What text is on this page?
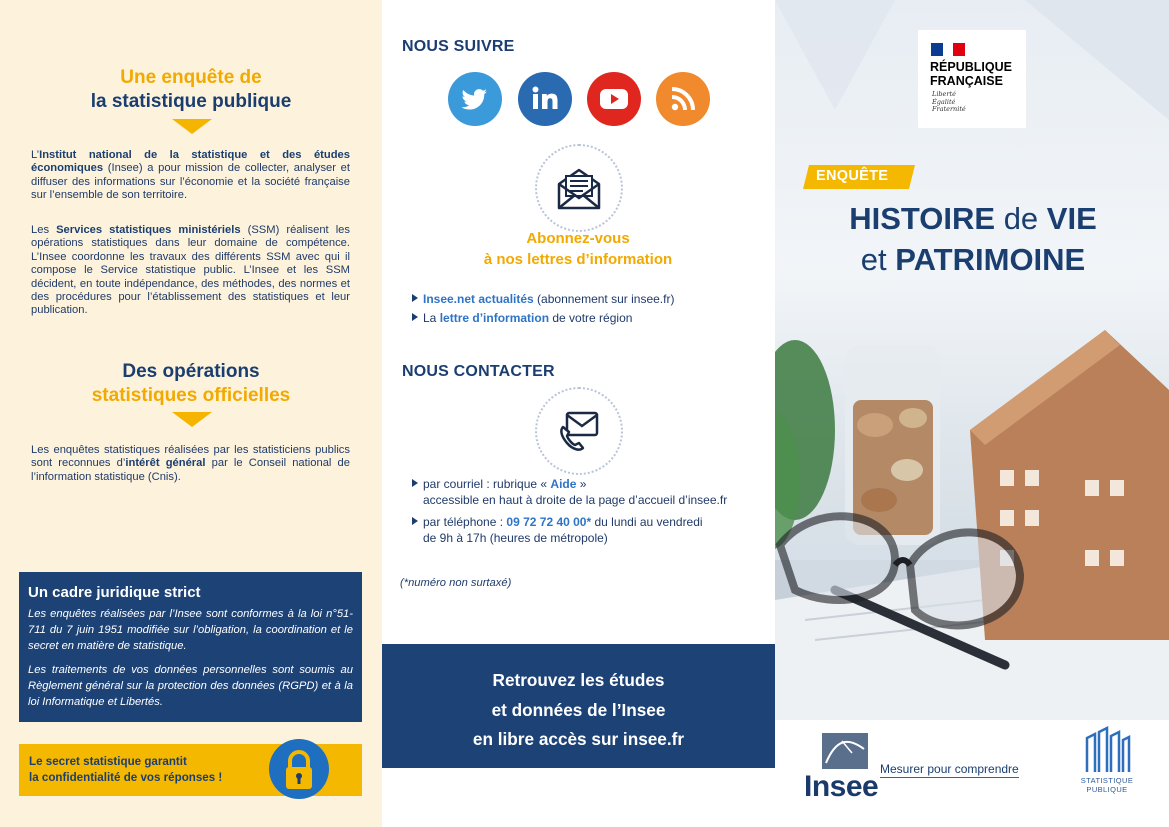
Une enquête de
la statistique publique
L’Institut national de la statistique et des études économiques (Insee) a pour mission de collecter, analyser et diffuser des informations sur l’économie et la société française sur l’ensemble de son territoire.
Les Services statistiques ministériels (SSM) réalisent les opérations statistiques dans leur domaine de compétence. L’Insee coordonne les travaux des différents SSM avec qui il compose le Service statistique public. L’Insee et les SSM décident, en toute indépendance, des méthodes, des normes et des procédures pour l’établissement des statistiques et leur publication.
Des opérations
statistiques officielles
Les enquêtes statistiques réalisées par les statisticiens publics sont reconnues d’intérêt général par le Conseil national de l’information statistique (Cnis).
Un cadre juridique strict

Les enquêtes réalisées par l’Insee sont conformes à la loi n°51-711 du 7 juin 1951 modifiée sur l’obligation, la coordination et le secret en matière de statistique.

Les traitements de vos données personnelles sont soumis au Règlement général sur la protection des données (RGPD) et à la loi Informatique et Libertés.

Le secret statistique garantit
la confidentialité de vos réponses !
NOUS SUIVRE
Abonnez-vous
à nos lettres d’information
Insee.net actualités (abonnement sur insee.fr)
La lettre d’information de votre région
NOUS CONTACTER
par courriel : rubrique « Aide »
accessible en haut à droite de la page d’accueil d’insee.fr
par téléphone : 09 72 72 40 00* du lundi au vendredi
de 9h à 17h (heures de métropole)
(*numéro non surtaxé)
Retrouvez les études
et données de l’Insee
en libre accès sur insee.fr
RÉPUBLIQUE
FRANÇAISE
Liberté
Égalité
Fraternité
ENQUÊTE
HISTOIRE de VIE
et PATRIMOINE
Insee
Mesurer pour comprendre
STATISTIQUE
PUBLIQUE
